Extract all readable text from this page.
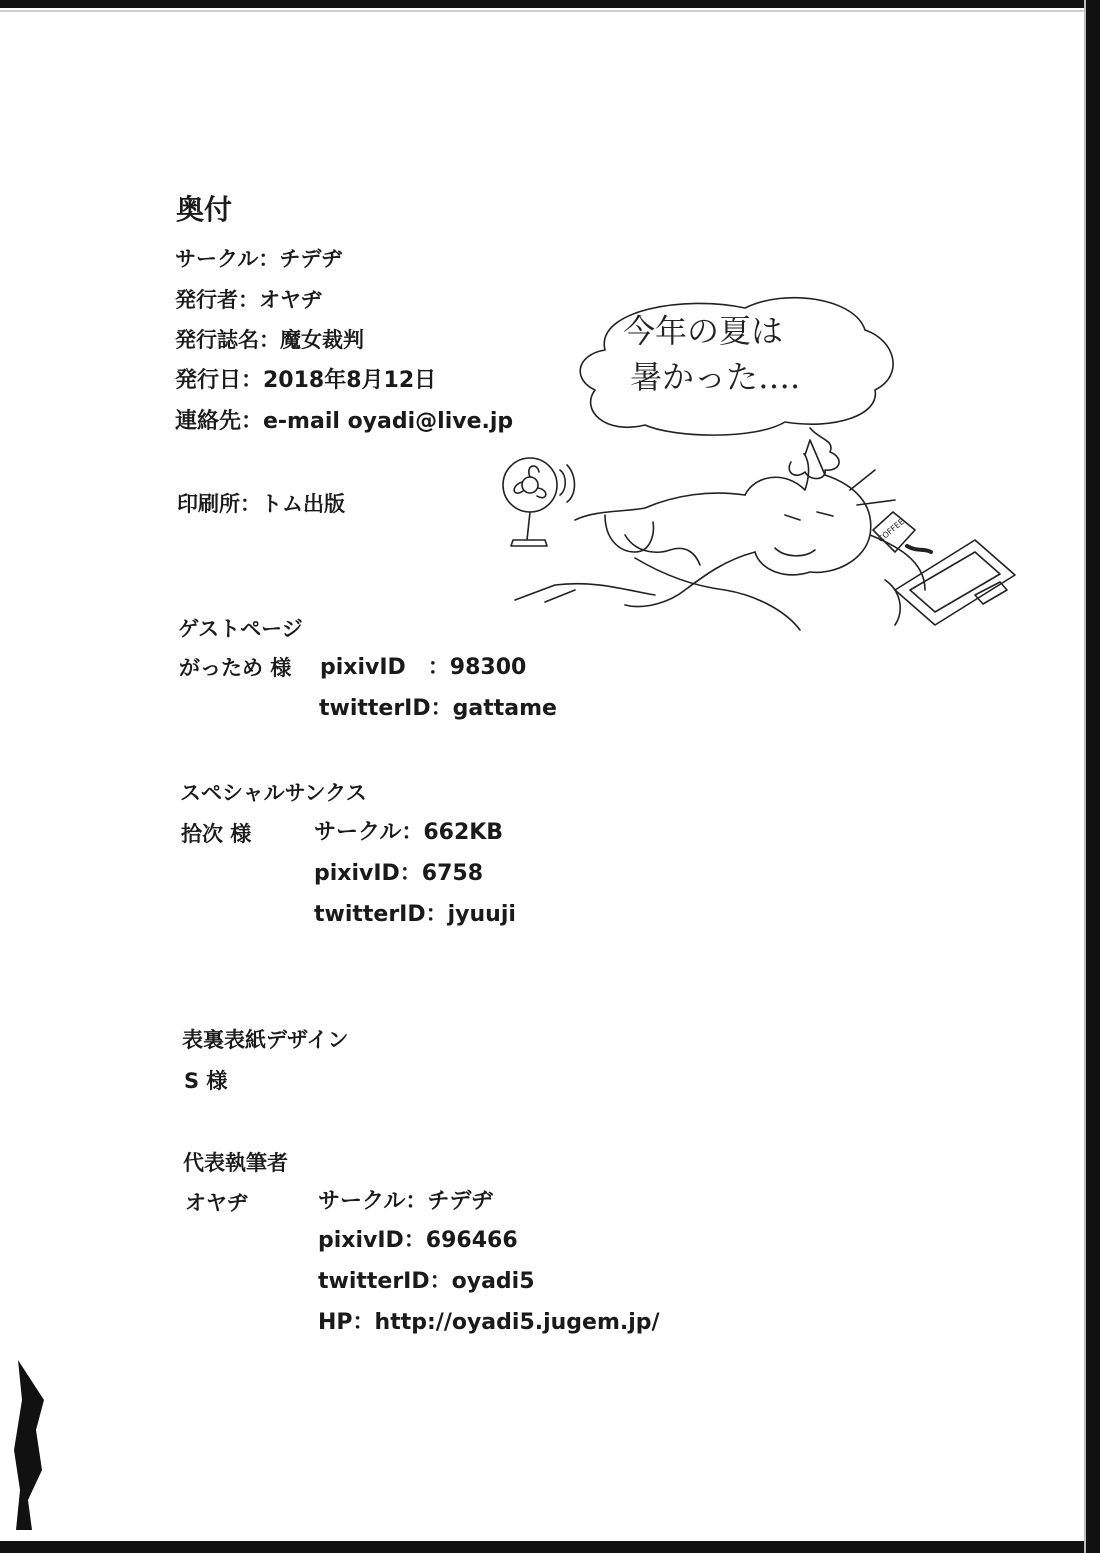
奥付
サークル：チデヂ
発行者：オヤヂ
発行誌名：魔女裁判
発行日：2018年8月12日
連絡先：e-mail oyadi@live.jp
印刷所：トム出版
ゲストページ
がっため 様 pixivID　：98300
twitterID：gattame
スペシャルサンクス
拾次 様	サークル：662KB
pixivID：6758
twitterID：jyuuji
表裏表紙デザイン
S 様
代表執筆者
オヤヂ	サークル：チデヂ
pixivID：696466
twitterID：oyadi5
HP：http://oyadi5.jugem.jp/
今年の夏は
暑かった….
COFFEE
